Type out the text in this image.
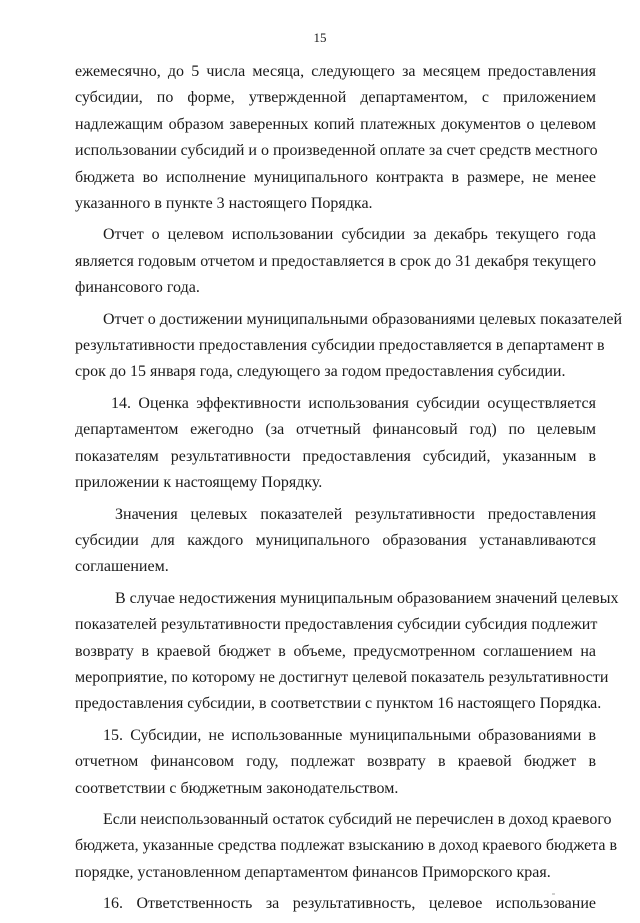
15

ежемесячно, до 5 числа месяца, следующего за месяцем предоставления
субсидии, по форме, утвержденной департаментом, с приложением
надлежащим образом заверенных копий платежных документов о целевом
использовании субсидий и о произведенной оплате за счет средств местного
бюджета во исполнение муниципального контракта в размере, не менее
указанного в пункте 3 настоящего Порядка.

Отчет о целевом использовании субсидии за декабрь текущего года
является годовым отчетом и предоставляется в срок до 31 декабря текущего
финансового года.

Отчет о достижении муниципальными образованиями целевых показателей
результативности предоставления субсидии предоставляется в департамент в
срок до 15 января года, следующего за годом предоставления субсидии.

14. Оценка эффективности использования субсидии осуществляется
департаментом ежегодно (за отчетный финансовый год) по целевым
показателям результативности предоставления субсидий, указанным в
приложении к настоящему Порядку.

Значения целевых показателей результативности предоставления
субсидии для каждого муниципального образования устанавливаются
соглашением.

В случае недостижения муниципальным образованием значений целевых
показателей результативности предоставления субсидии субсидия подлежит
возврату в краевой бюджет в объеме, предусмотренном соглашением на
мероприятие, по которому не достигнут целевой показатель результативности
предоставления субсидии, в соответствии с пунктом 16 настоящего Порядка.

15. Субсидии, не использованные муниципальными образованиями в
отчетном финансовом году, подлежат возврату в краевой бюджет в
соответствии с бюджетным законодательством.

Если неиспользованный остаток субсидий не перечислен в доход краевого
бюджета, указанные средства подлежат взысканию в доход краевого бюджета в
порядке, установленном департаментом финансов Приморского края.

16. Ответственность за результативность, целевое использование
